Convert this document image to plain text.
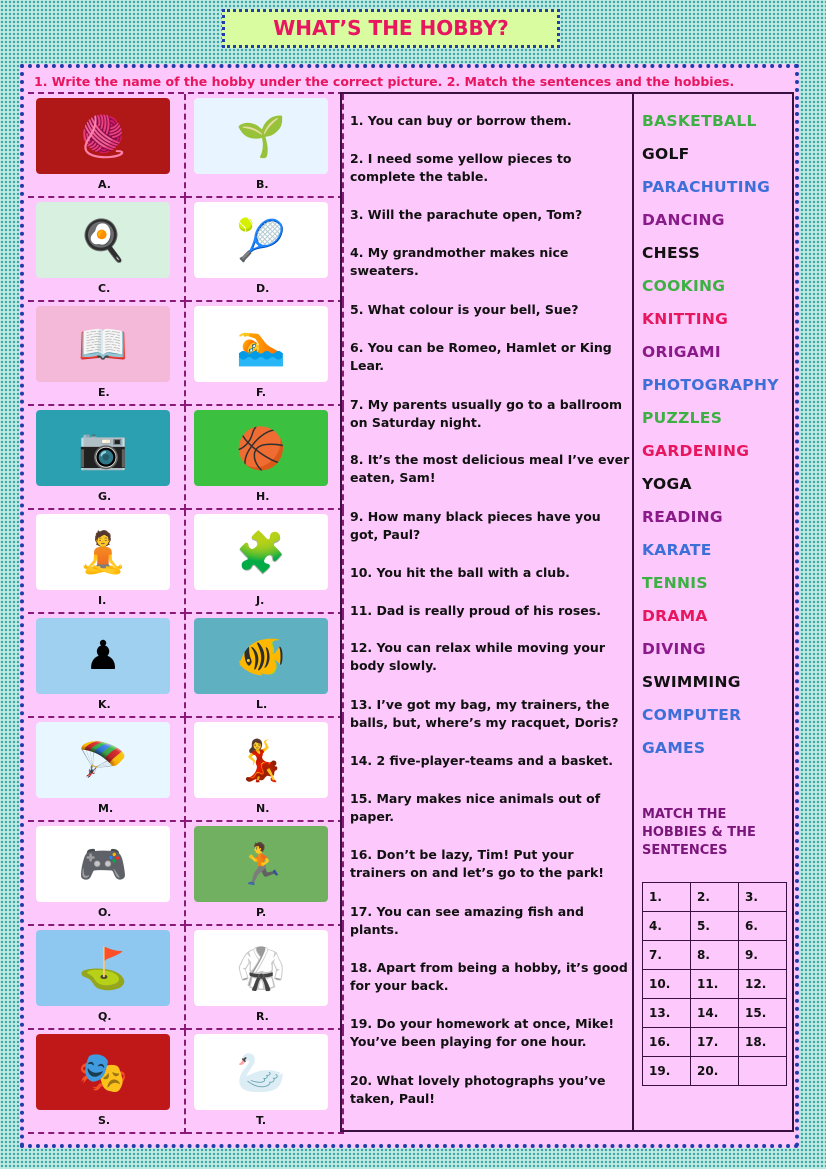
WHAT’S THE HOBBY?
1. Write the name of the hobby under the correct picture. 2. Match the sentences and the hobbies.
🧶
A.
🌱
B.
🍳
C.
🎾
D.
📖
E.
🏊
F.
📷
G.
🏀
H.
🧘
I.
🧩
J.
♟
K.
🐠
L.
🪂
M.
💃
N.
🎮
O.
🏃
P.
⛳
Q.
🥋
R.
🎭
S.
🦢
T.
1. You can buy or borrow them.
2. I need some yellow pieces to complete the table.
3. Will the parachute open, Tom?
4. My grandmother makes nice sweaters.
5. What colour is your bell, Sue?
6. You can be Romeo, Hamlet or King Lear.
7. My parents usually go to a ballroom on Saturday night.
8. It’s the most delicious meal I’ve ever eaten, Sam!
9. How many black pieces have you got, Paul?
10. You hit the ball with a club.
11. Dad is really proud of his roses.
12. You can relax while moving your body slowly.
13. I’ve got my bag, my trainers, the balls, but, where’s my racquet, Doris?
14. 2 five-player-teams and a basket.
15. Mary makes nice animals out of paper.
16. Don’t be lazy, Tim! Put your trainers on and let’s go to the park!
17. You can see amazing fish and plants.
18. Apart from being a hobby, it’s good for your back.
19. Do your homework at once, Mike! You’ve been playing for one hour.
20. What lovely photographs you’ve taken, Paul!
BASKETBALL
GOLF
PARACHUTING
DANCING
CHESS
COOKING
KNITTING
ORIGAMI
PHOTOGRAPHY
PUZZLES
GARDENING
YOGA
READING
KARATE
TENNIS
DRAMA
DIVING
SWIMMING
COMPUTER
GAMES
MATCH THE HOBBIES & THE SENTENCES
1.	2.	3.
4.	5.	6.
7.	8.	9.
10.	11.	12.
13.	14.	15.
16.	17.	18.
19.	20.	
